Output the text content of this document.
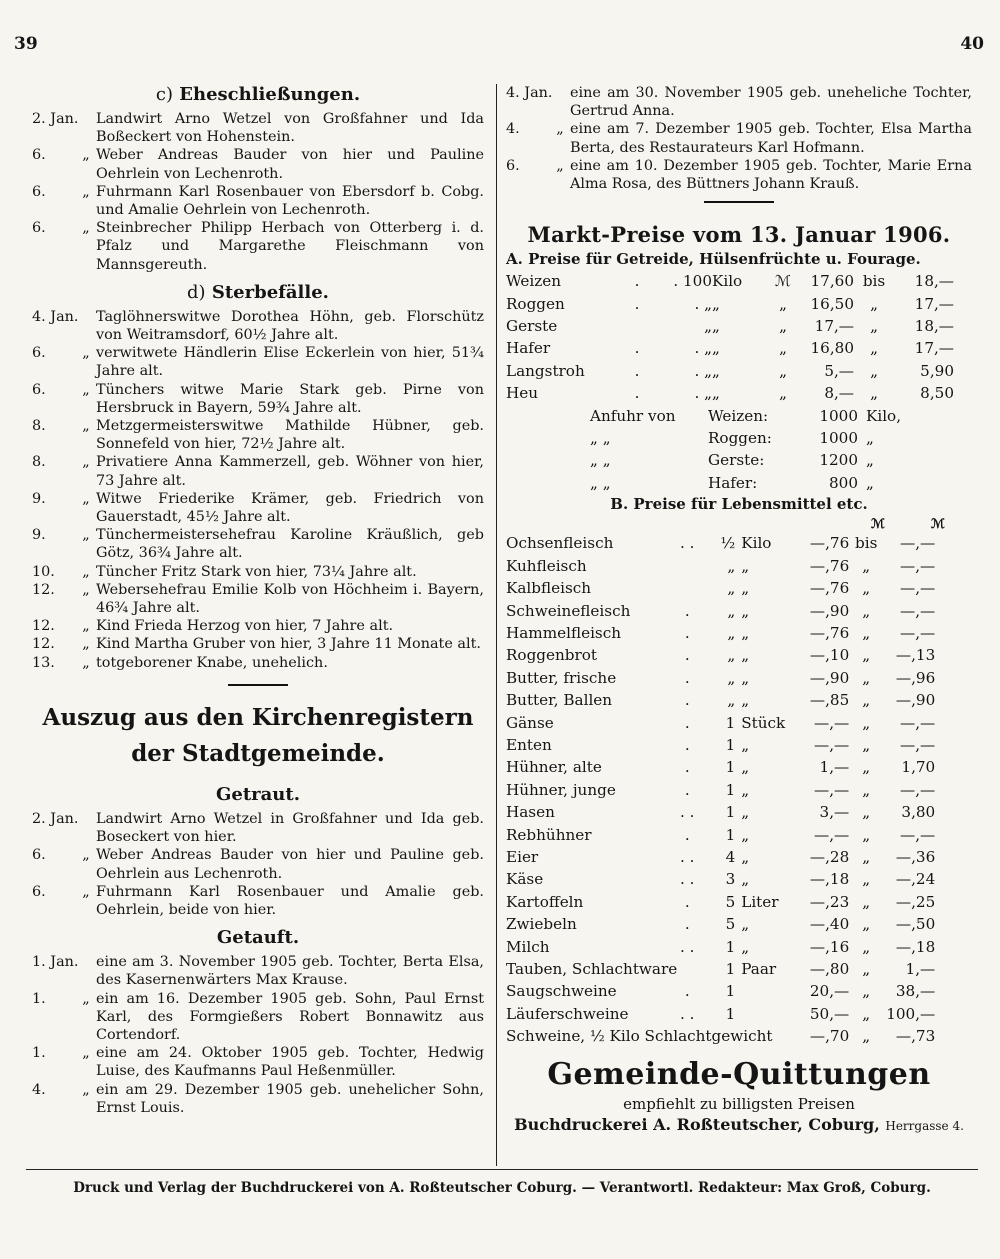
39	40
c) Eheschließungen.
2. Jan. Landwirt Arno Wetzel von Großfahner und Ida Boßeckert von Hohenstein.
6.	„ Weber Andreas Bauder von hier und Pauline Oehrlein von Lechenroth.
6.	„ Fuhrmann Karl Rosenbauer von Ebersdorf b. Cobg. und Amalie Oehrlein von Lechenroth.
6.	„ Steinbrecher Philipp Herbach von Otterberg i. d. Pfalz und Margarethe Fleischmann von Mannsgereuth.
d) Sterbefälle.
4. Jan. Taglöhnerswitwe Dorothea Höhn, geb. Florschütz von Weitramsdorf, 60½ Jahre alt.
6.	„ verwitwete Händlerin Elise Eckerlein von hier, 51¾ Jahre alt.
6.	„ Tünchers witwe Marie Stark geb. Pirne von Hersbruck in Bayern, 59¾ Jahre alt.
8.	„ Metzgermeisterswitwe Mathilde Hübner, geb. Sonnefeld von hier, 72½ Jahre alt.
8.	„ Privatiere Anna Kammerzell, geb. Wöhner von hier, 73 Jahre alt.
9.	„ Witwe Friederike Krämer, geb. Friedrich von Gauerstadt, 45½ Jahre alt.
9.	„ Tünchermeistersehefrau Karoline Kräußlich, geb Götz, 36¾ Jahre alt.
10.	„ Tüncher Fritz Stark von hier, 73¼ Jahre alt.
12.	„ Webersehefrau Emilie Kolb von Höchheim i. Bayern, 46¾ Jahre alt.
12.	„ Kind Frieda Herzog von hier, 7 Jahre alt.
12.	„ Kind Martha Gruber von hier, 3 Jahre 11 Monate alt.
13.	„ totgeborener Knabe, unehelich.
Auszug aus den Kirchenregistern
der Stadtgemeinde.
Getraut.
2. Jan. Landwirt Arno Wetzel in Großfahner und Ida geb. Boseckert von hier.
6.	„ Weber Andreas Bauder von hier und Pauline geb. Oehrlein aus Lechenroth.
6.	„ Fuhrmann Karl Rosenbauer und Amalie geb. Oehrlein, beide von hier.
Getauft.
1. Jan. eine am 3. November 1905 geb. Tochter, Berta Elsa, des Kasernenwärters Max Krause.
1.	„ ein am 16. Dezember 1905 geb. Sohn, Paul Ernst Karl, des Formgießers Robert Bonnawitz aus Cortendorf.
1.	„ eine am 24. Oktober 1905 geb. Tochter, Hedwig Luise, des Kaufmanns Paul Heßenmüller.
4.	„ ein am 29. Dezember 1905 geb. unehelicher Sohn, Ernst Louis.
4. Jan. eine am 30. November 1905 geb. uneheliche Tochter, Gertrud Anna.
4.	„ eine am 7. Dezember 1905 geb. Tochter, Elsa Martha Berta, des Restaurateurs Karl Hofmann.
6.	„ eine am 10. Dezember 1905 geb. Tochter, Marie Erna Alma Rosa, des Büttners Johann Krauß.
Markt-Preise vom 13. Januar 1906.
A. Preise für Getreide, Hülsenfrüchte u. Fourage.
Weizen	.	. 100	Kilo	ℳ	17,60	bis	18,—
Roggen	.	. „	„	„	16,50	„	17,—
Gerste		„	„	„	17,—	„	18,—
Hafer	.	. „	„	„	16,80	„	17,—
Langstroh	.	. „	„	„	5,—	„	5,90
Heu	.	. „	„	„	8,—	„	8,50
Anfuhr von	Weizen:	1000	Kilo,
„ „	Roggen:	1000	„
„ „	Gerste:	1200	„
„ „	Hafer:	800	„
B. Preise für Lebensmittel etc.
ℳ	ℳ
Ochsenfleisch	. .	½	Kilo	—,76	bis	—,—
Kuhfleisch		„	„	—,76	„	—,—
Kalbfleisch		„	„	—,76	„	—,—
Schweinefleisch	.	„	„	—,90	„	—,—
Hammelfleisch	.	„	„	—,76	„	—,—
Roggenbrot	.	„	„	—,10	„	—,13
Butter, frische	.	„	„	—,90	„	—,96
Butter, Ballen	.	„	„	—,85	„	—,90
Gänse	.	1	Stück	—,—	„	—,—
Enten	.	1	„	—,—	„	—,—
Hühner, alte	.	1	„	1,—	„	1,70
Hühner, junge	.	1	„	—,—	„	—,—
Hasen	. .	1	„	3,—	„	3,80
Rebhühner	.	1	„	—,—	„	—,—
Eier	. .	4	„	—,28	„	—,36
Käse	. .	3	„	—,18	„	—,24
Kartoffeln	.	5	Liter	—,23	„	—,25
Zwiebeln	.	5	„	—,40	„	—,50
Milch	. .	1	„	—,16	„	—,18
Tauben, Schlachtware		1	Paar	—,80	„	1,—
Saugschweine	.	1		20,—	„	38,—
Läuferschweine	. .	1		50,—	„	100,—
Schweine, ½ Kilo Schlachtgewicht				—,70	„	—,73
Gemeinde-Quittungen
empfiehlt zu billigsten Preisen
Buchdruckerei A. Roßteutscher, Coburg, Herrgasse 4.
Druck und Verlag der Buchdruckerei von A. Roßteutscher Coburg. — Verantwortl. Redakteur: Max Groß, Coburg.
